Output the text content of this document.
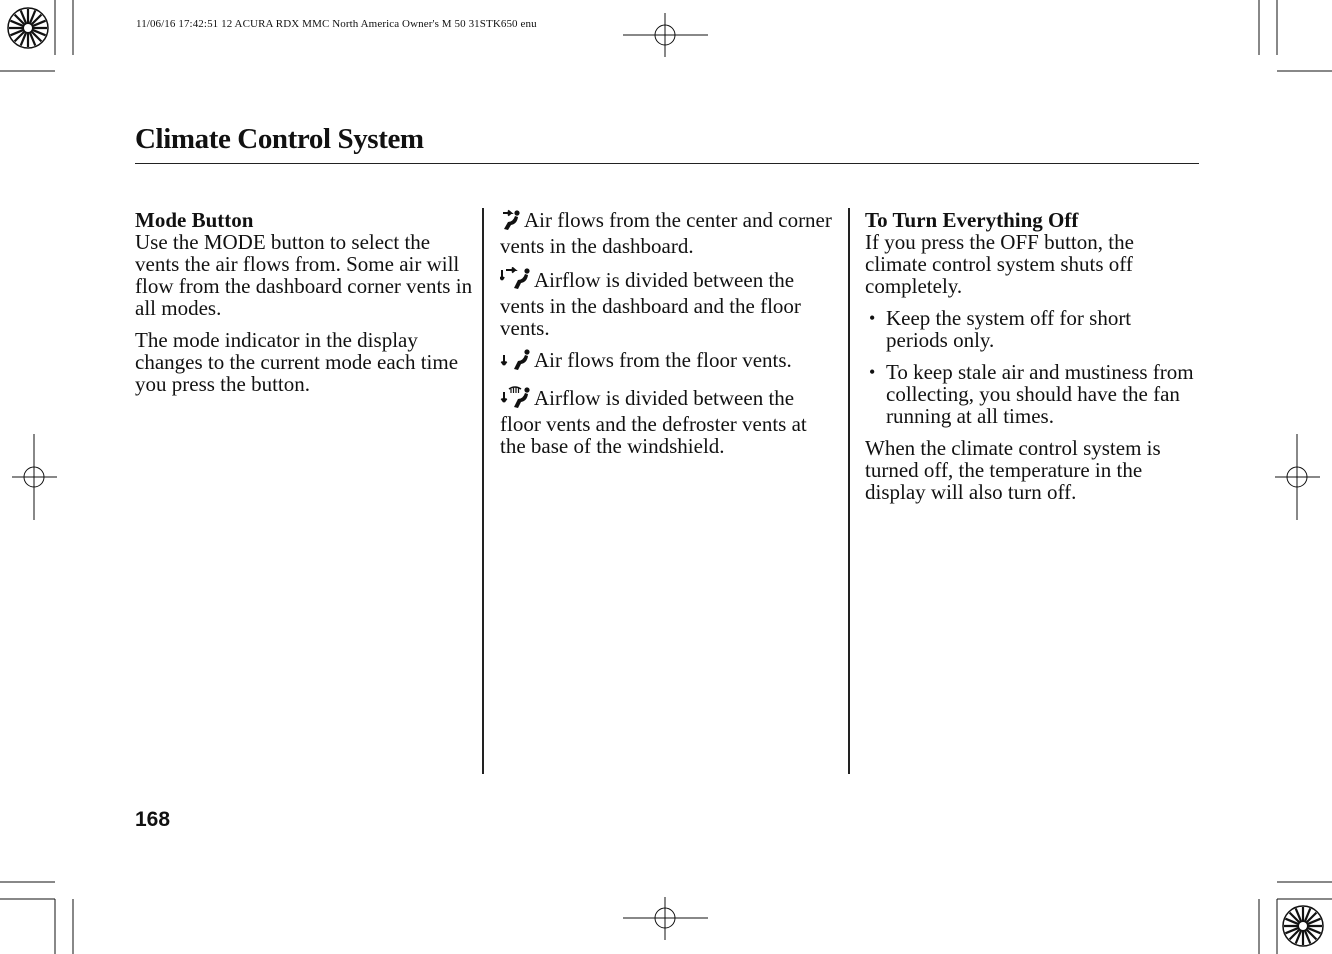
11/06/16 17:42:51 12 ACURA RDX MMC North America Owner's M 50 31STK650 enu
Climate Control System
Mode Button

Use the MODE button to select the vents the air flows from. Some air will flow from the dashboard corner vents in all modes.

The mode indicator in the display changes to the current mode each time you press the button.

Air flows from the center and corner vents in the dashboard.

Airflow is divided between the vents in the dashboard and the floor vents.

Air flows from the floor vents.

Airflow is divided between the floor vents and the defroster vents at the base of the windshield.

To Turn Everything Off

If you press the OFF button, the climate control system shuts off completely.

• Keep the system off for short periods only.
• To keep stale air and mustiness from collecting, you should have the fan running at all times.

When the climate control system is turned off, the temperature in the display will also turn off.

168
